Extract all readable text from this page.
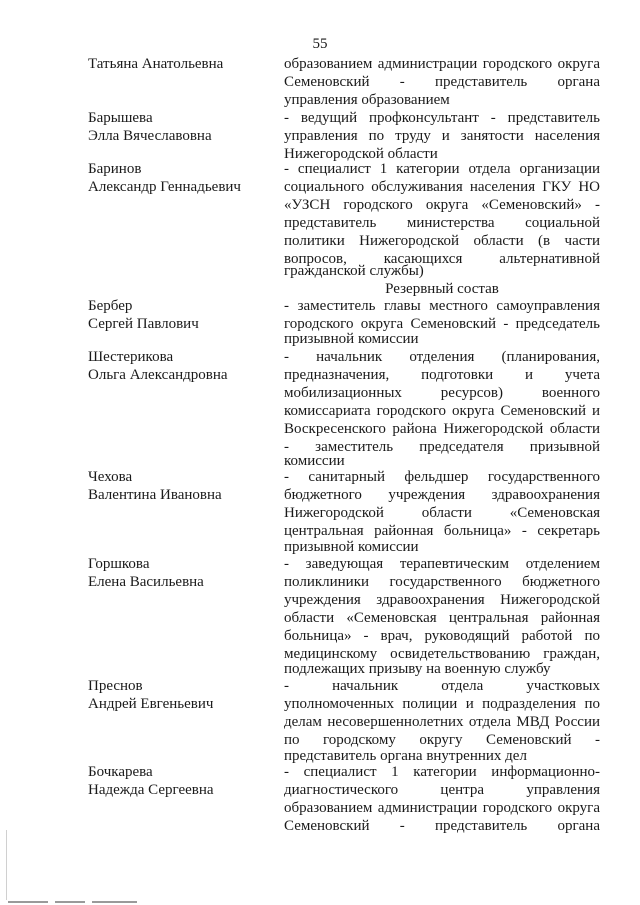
55
Татьяна Анатольевна
Барышева
Элла Вячеславовна
Баринов
Александр Геннадьевич
Бербер
Сергей Павлович
Шестерикова
Ольга Александровна
Чехова
Валентина Ивановна
Горшкова
Елена Васильевна
Преснов
Андрей Евгеньевич
Бочкарева
Надежда Сергеевна
образованием администрации городского округа
Семеновский - представитель органа
управления образованием
- ведущий профконсультант - представитель
управления по труду и занятости населения
Нижегородской области
- специалист 1 категории отдела организации
социального обслуживания населения ГКУ НО
«УЗСН городского округа «Семеновский» -
представитель министерства социальной
политики Нижегородской области (в части
вопросов, касающихся альтернативной
гражданской службы)
Резервный состав
- заместитель главы местного самоуправления
городского округа Семеновский - председатель
призывной комиссии
- начальник отделения (планирования,
предназначения, подготовки и учета
мобилизационных ресурсов) военного
комиссариата городского округа Семеновский и
Воскресенского района Нижегородской области
- заместитель председателя призывной
комиссии
- санитарный фельдшер государственного
бюджетного учреждения здравоохранения
Нижегородской области «Семеновская
центральная районная больница» - секретарь
призывной комиссии
- заведующая терапевтическим отделением
поликлиники государственного бюджетного
учреждения здравоохранения Нижегородской
области «Семеновская центральная районная
больница» - врач, руководящий работой по
медицинскому освидетельствованию граждан,
подлежащих призыву на военную службу
- начальник отдела участковых
уполномоченных полиции и подразделения по
делам несовершеннолетних отдела МВД России
по городскому округу Семеновский -
представитель органа внутренних дел
- специалист 1 категории информационно-
диагностического центра управления
образованием администрации городского округа
Семеновский - представитель органа
